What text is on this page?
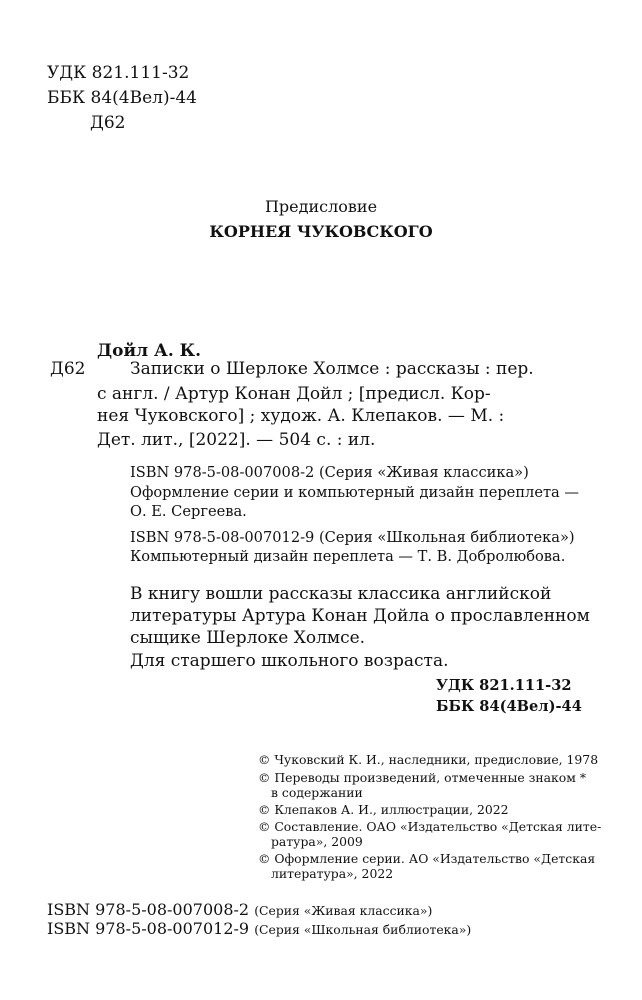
УДК 821.111-32
ББК 84(4Вел)-44
Д62
Предисловие
КОРНЕЯ ЧУКОВСКОГО
Дойл А. К.
Д62	Записки о Шерлоке Холмсе : рассказы : пер.
с англ. / Артур Конан Дойл ; [предисл. Кор-
нея Чуковского] ; худож. А. Клепаков. — М. :
Дет. лит., [2022]. — 504 с. : ил.
ISBN 978-5-08-007008-2 (Серия «Живая классика»)
Оформление серии и компьютерный дизайн переплета —
О. Е. Сергеева.
ISBN 978-5-08-007012-9 (Серия «Школьная библиотека»)
Компьютерный дизайн переплета — Т. В. Добролюбова.
В книгу вошли рассказы классика английской
литературы Артура Конан Дойла о прославленном
сыщике Шерлоке Холмсе.
Для старшего школьного возраста.
УДК 821.111-32
ББК 84(4Вел)-44
© Чуковский К. И., наследники, предисловие, 1978
© Переводы произведений, отмеченные знаком *
в содержании
© Клепаков А. И., иллюстрации, 2022
© Составление. ОАО «Издательство «Детская лите-
ратура», 2009
© Оформление серии. АО «Издательство «Детская
литература», 2022
ISBN 978-5-08-007008-2 (Серия «Живая классика»)
ISBN 978-5-08-007012-9 (Серия «Школьная библиотека»)
